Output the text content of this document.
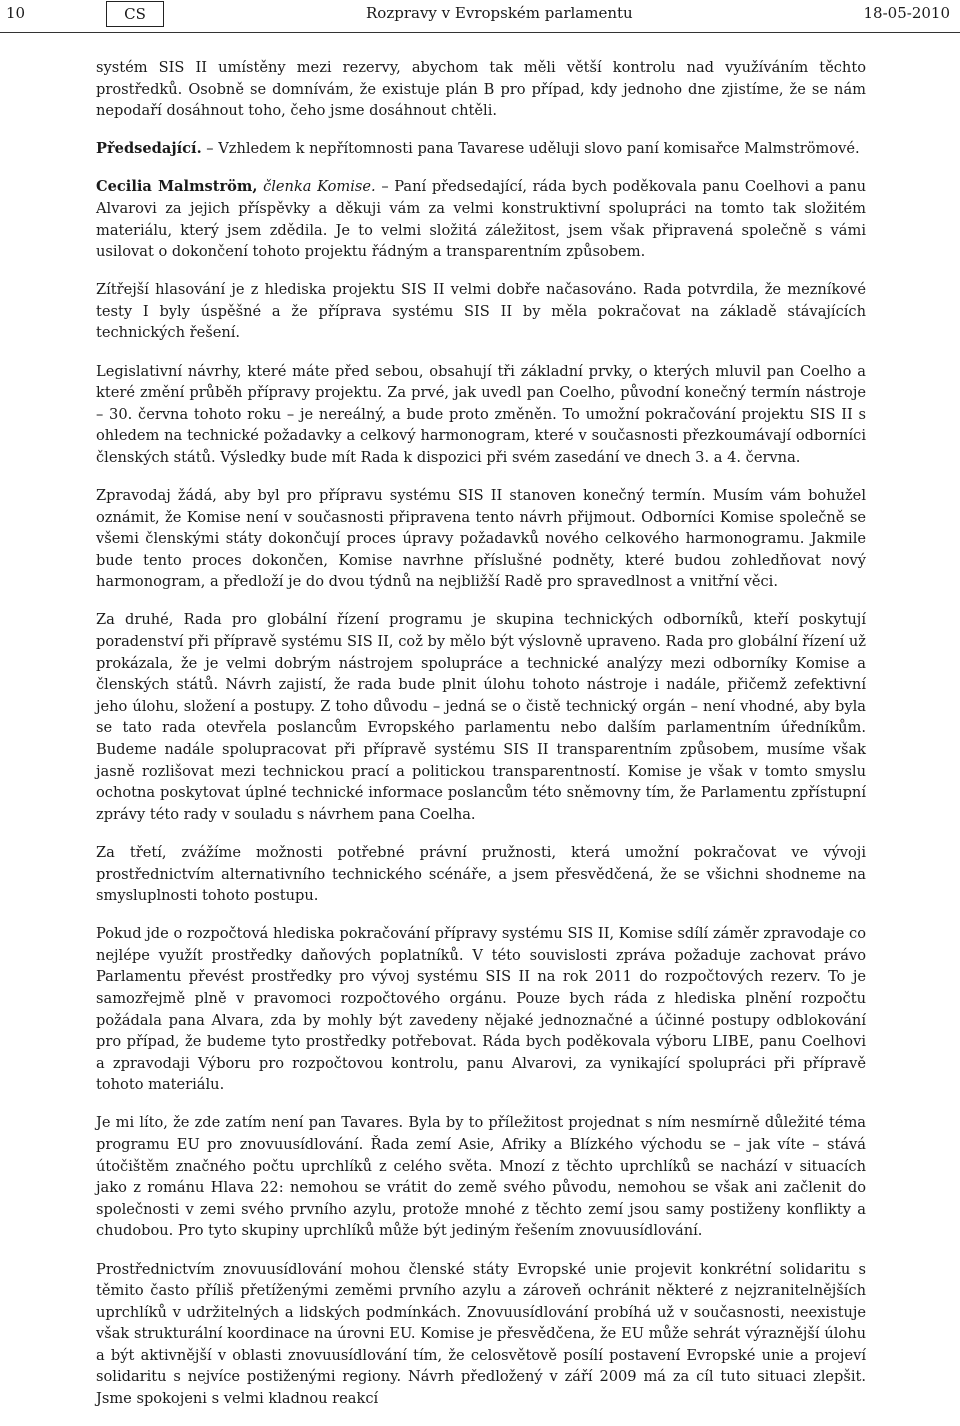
10	CS	Rozpravy v Evropském parlamentu	18-05-2010

systém SIS II umístěny mezi rezervy, abychom tak měli větší kontrolu nad využíváním těchto prostředků. Osobně se domnívám, že existuje plán B pro případ, kdy jednoho dne zjistíme, že se nám nepodaří dosáhnout toho, čeho jsme dosáhnout chtěli.

Předsedající. – Vzhledem k nepřítomnosti pana Tavarese uděluji slovo paní komisařce Malmströmové.

Cecilia Malmström, členka Komise. – Paní předsedající, ráda bych poděkovala panu Coelhovi a panu Alvarovi za jejich příspěvky a děkuji vám za velmi konstruktivní spolupráci na tomto tak složitém materiálu, který jsem zdědila. Je to velmi složitá záležitost, jsem však připravená společně s vámi usilovat o dokončení tohoto projektu řádným a transparentním způsobem.

Zítřejší hlasování je z hlediska projektu SIS II velmi dobře načasováno. Rada potvrdila, že mezníkové testy I byly úspěšné a že příprava systému SIS II by měla pokračovat na základě stávajících technických řešení.

Legislativní návrhy, které máte před sebou, obsahují tři základní prvky, o kterých mluvil pan Coelho a které změní průběh přípravy projektu. Za prvé, jak uvedl pan Coelho, původní konečný termín nástroje – 30. června tohoto roku – je nereálný, a bude proto změněn. To umožní pokračování projektu SIS II s ohledem na technické požadavky a celkový harmonogram, které v současnosti přezkoumávají odborníci členských států. Výsledky bude mít Rada k dispozici při svém zasedání ve dnech 3. a 4. června.

Zpravodaj žádá, aby byl pro přípravu systému SIS II stanoven konečný termín. Musím vám bohužel oznámit, že Komise není v současnosti připravena tento návrh přijmout. Odborníci Komise společně se všemi členskými státy dokončují proces úpravy požadavků nového celkového harmonogramu. Jakmile bude tento proces dokončen, Komise navrhne příslušné podněty, které budou zohledňovat nový harmonogram, a předloží je do dvou týdnů na nejbližší Radě pro spravedlnost a vnitřní věci.

Za druhé, Rada pro globální řízení programu je skupina technických odborníků, kteří poskytují poradenství při přípravě systému SIS II, což by mělo být výslovně upraveno. Rada pro globální řízení už prokázala, že je velmi dobrým nástrojem spolupráce a technické analýzy mezi odborníky Komise a členských států. Návrh zajistí, že rada bude plnit úlohu tohoto nástroje i nadále, přičemž zefektivní jeho úlohu, složení a postupy. Z toho důvodu – jedná se o čistě technický orgán – není vhodné, aby byla se tato rada otevřela poslancům Evropského parlamentu nebo dalším parlamentním úředníkům. Budeme nadále spolupracovat při přípravě systému SIS II transparentním způsobem, musíme však jasně rozlišovat mezi technickou prací a politickou transparentností. Komise je však v tomto smyslu ochotna poskytovat úplné technické informace poslancům této sněmovny tím, že Parlamentu zpřístupní zprávy této rady v souladu s návrhem pana Coelha.

Za třetí, zvážíme možnosti potřebné právní pružnosti, která umožní pokračovat ve vývoji prostřednictvím alternativního technického scénáře, a jsem přesvědčená, že se všichni shodneme na smysluplnosti tohoto postupu.

Pokud jde o rozpočtová hlediska pokračování přípravy systému SIS II, Komise sdílí záměr zpravodaje co nejlépe využít prostředky daňových poplatníků. V této souvislosti zpráva požaduje zachovat právo Parlamentu převést prostředky pro vývoj systému SIS II na rok 2011 do rozpočtových rezerv. To je samozřejmě plně v pravomoci rozpočtového orgánu. Pouze bych ráda z hlediska plnění rozpočtu požádala pana Alvara, zda by mohly být zavedeny nějaké jednoznačné a účinné postupy odblokování pro případ, že budeme tyto prostředky potřebovat. Ráda bych poděkovala výboru LIBE, panu Coelhovi a zpravodaji Výboru pro rozpočtovou kontrolu, panu Alvarovi, za vynikající spolupráci při přípravě tohoto materiálu.

Je mi líto, že zde zatím není pan Tavares. Byla by to příležitost projednat s ním nesmírně důležité téma programu EU pro znovuusídlování. Řada zemí Asie, Afriky a Blízkého východu se – jak víte – stává útočištěm značného počtu uprchlíků z celého světa. Mnozí z těchto uprchlíků se nachází v situacích jako z románu Hlava 22: nemohou se vrátit do země svého původu, nemohou se však ani začlenit do společnosti v zemi svého prvního azylu, protože mnohé z těchto zemí jsou samy postiženy konflikty a chudobou. Pro tyto skupiny uprchlíků může být jediným řešením znovuusídlování.

Prostřednictvím znovuusídlování mohou členské státy Evropské unie projevit konkrétní solidaritu s těmito často příliš přetíženými zeměmi prvního azylu a zároveň ochránit některé z nejzranitelnějších uprchlíků v udržitelných a lidských podmínkách. Znovuusídlování probíhá už v současnosti, neexistuje však strukturální koordinace na úrovni EU. Komise je přesvědčena, že EU může sehrát výraznější úlohu a být aktivnější v oblasti znovuusídlování tím, že celosvětově posílí postavení Evropské unie a projeví solidaritu s nejvíce postiženými regiony. Návrh předložený v září 2009 má za cíl tuto situaci zlepšit. Jsme spokojeni s velmi kladnou reakcí
